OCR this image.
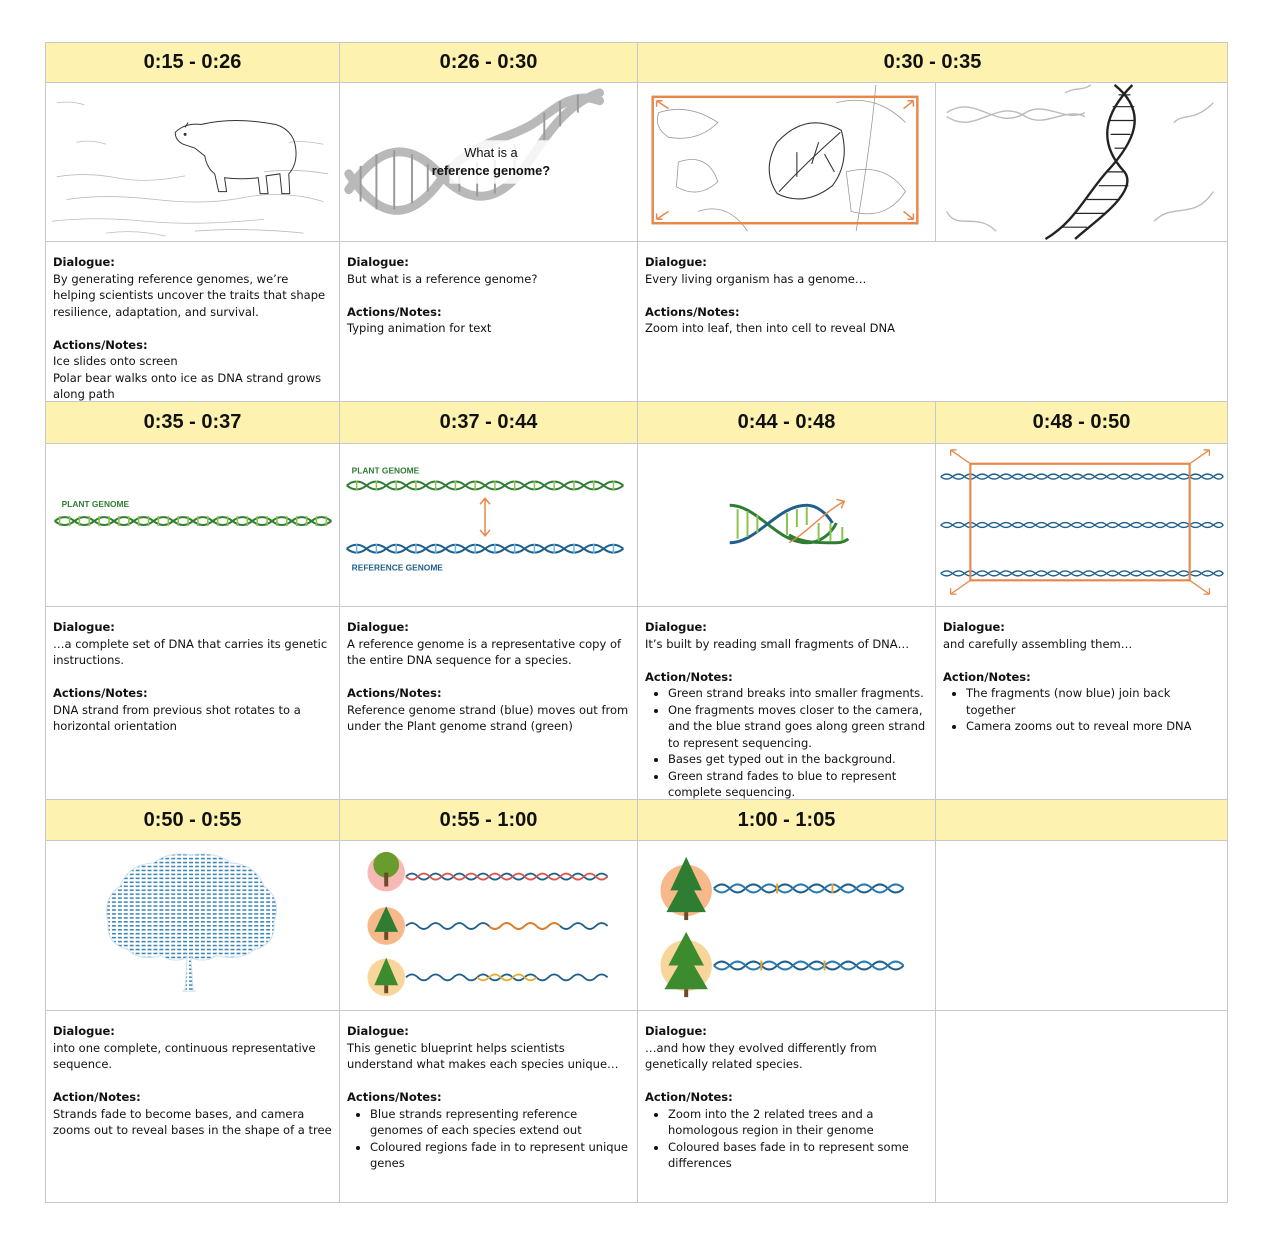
0:15 - 0:26	0:26 - 0:30	0:30 - 0:35
What is a
reference genome?
Dialogue:
By generating reference genomes, we’re helping scientists uncover the traits that shape resilience, adaptation, and survival.
Actions/Notes:
Ice slides onto screen
Polar bear walks onto ice as DNA strand grows along path
Dialogue:
But what is a reference genome?
Actions/Notes:
Typing animation for text
Dialogue:
Every living organism has a genome…
Actions/Notes:
Zoom into leaf, then into cell to reveal DNA
0:35 - 0:37	0:37 - 0:44	0:44 - 0:48	0:48 - 0:50
PLANT GENOME
PLANT GENOME
REFERENCE GENOME
Dialogue:
…a complete set of DNA that carries its genetic instructions.
Actions/Notes:
DNA strand from previous shot rotates to a horizontal orientation
Dialogue:
A reference genome is a representative copy of the entire DNA sequence for a species.
Actions/Notes:
Reference genome strand (blue) moves out from under the Plant genome strand (green)
Dialogue:
It’s built by reading small fragments of DNA…
Action/Notes:
• Green strand breaks into smaller fragments.
• One fragments moves closer to the camera, and the blue strand goes along green strand to represent sequencing.
• Bases get typed out in the background.
• Green strand fades to blue to represent complete sequencing.
Dialogue:
and carefully assembling them…
Action/Notes:
• The fragments (now blue) join back together
• Camera zooms out to reveal more DNA
0:50 - 0:55	0:55 - 1:00	1:00 - 1:05
Dialogue:
into one complete, continuous representative sequence.
Action/Notes:
Strands fade to become bases, and camera zooms out to reveal bases in the shape of a tree
Dialogue:
This genetic blueprint helps scientists understand what makes each species unique…
Actions/Notes:
• Blue strands representing reference genomes of each species extend out
• Coloured regions fade in to represent unique genes
Dialogue:
…and how they evolved differently from genetically related species.
Action/Notes:
• Zoom into the 2 related trees and a homologous region in their genome
• Coloured bases fade in to represent some differences
